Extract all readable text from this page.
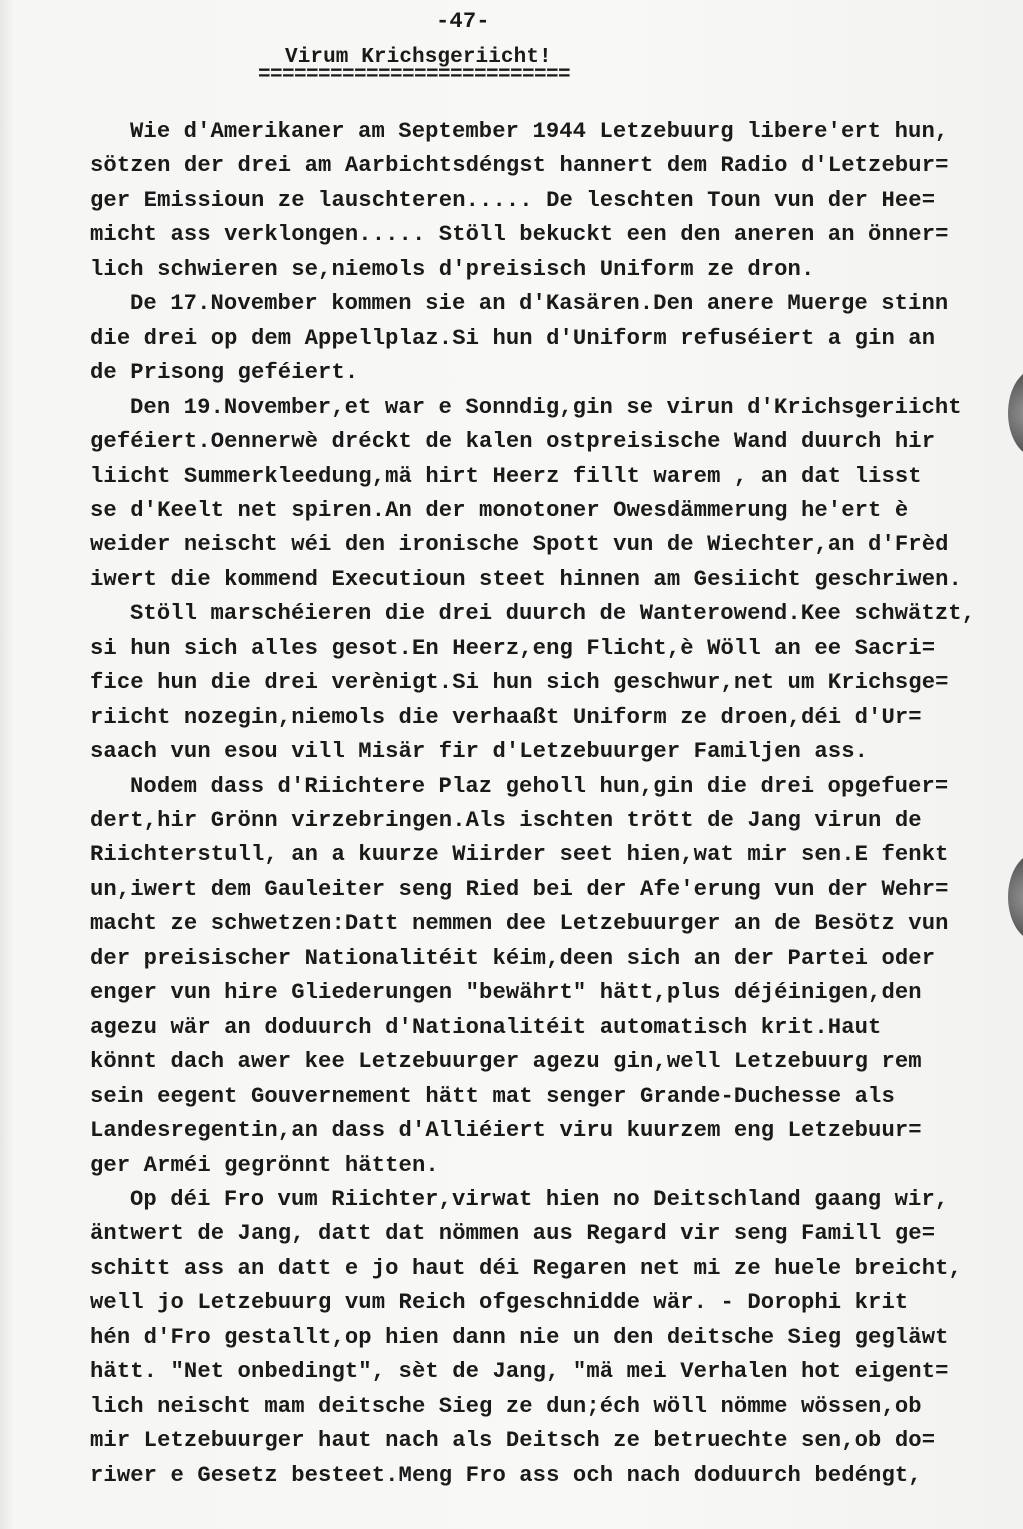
-47-
Virum Krichsgeriicht!
==========================
Wie d'Amerikaner am September 1944 Letzebuurg libere'ert hun,
sötzen der drei am Aarbichtsdéngst hannert dem Radio d'Letzebur=
ger Emissioun ze lauschteren..... De leschten Toun vun der Hee=
micht ass verklongen..... Stöll bekuckt een den aneren an önner=
lich schwieren se,niemols d'preisisch Uniform ze dron.
De 17.November kommen sie an d'Kasären.Den anere Muerge stinn
die drei op dem Appellplaz.Si hun d'Uniform refuséiert a gin an
de Prisong geféiert.
Den 19.November,et war e Sonndig,gin se virun d'Krichsgeriicht
geféiert.Oennerwè dréckt de kalen ostpreisische Wand duurch hir
liicht Summerkleedung,mä hirt Heerz fillt warem , an dat lisst
se d'Keelt net spiren.An der monotoner Owesdämmerung he'ert è
weider neischt wéi den ironische Spott vun de Wiechter,an d'Frèd
iwert die kommend Executioun steet hinnen am Gesiicht geschriwen.
Stöll marschéieren die drei duurch de Wanterowend.Kee schwätzt,
si hun sich alles gesot.En Heerz,eng Flicht,è Wöll an ee Sacri=
fice hun die drei verènigt.Si hun sich geschwur,net um Krichsge=
riicht nozegin,niemols die verhaaßt Uniform ze droen,déi d'Ur=
saach vun esou vill Misär fir d'Letzebuurger Familjen ass.
Nodem dass d'Riichtere Plaz geholl hun,gin die drei opgefuer=
dert,hir Grönn virzebringen.Als ischten trött de Jang virun de
Riichterstull, an a kuurze Wiirder seet hien,wat mir sen.E fenkt
un,iwert dem Gauleiter seng Ried bei der Afe'erung vun der Wehr=
macht ze schwetzen:Datt nemmen dee Letzebuurger an de Besötz vun
der preisischer Nationalitéit kéim,deen sich an der Partei oder
enger vun hire Gliederungen "bewährt" hätt,plus déjéinigen,den
agezu wär an doduurch d'Nationalitéit automatisch krit.Haut
könnt dach awer kee Letzebuurger agezu gin,well Letzebuurg rem
sein eegent Gouvernement hätt mat senger Grande-Duchesse als
Landesregentin,an dass d'Alliéiert viru kuurzem eng Letzebuur=
ger Arméi gegrönnt hätten.
Op déi Fro vum Riichter,virwat hien no Deitschland gaang wir,
äntwert de Jang, datt dat nömmen aus Regard vir seng Famill ge=
schitt ass an datt e jo haut déi Regaren net mi ze huele breicht,
well jo Letzebuurg vum Reich ofgeschnidde wär. - Dorophi krit
hén d'Fro gestallt,op hien dann nie un den deitsche Sieg gegläwt
hätt. "Net onbedingt", sèt de Jang, "mä mei Verhalen hot eigent=
lich neischt mam deitsche Sieg ze dun;éch wöll nömme wössen,ob
mir Letzebuurger haut nach als Deitsch ze betruechte sen,ob do=
riwer e Gesetz besteet.Meng Fro ass och nach doduurch bedéngt,
